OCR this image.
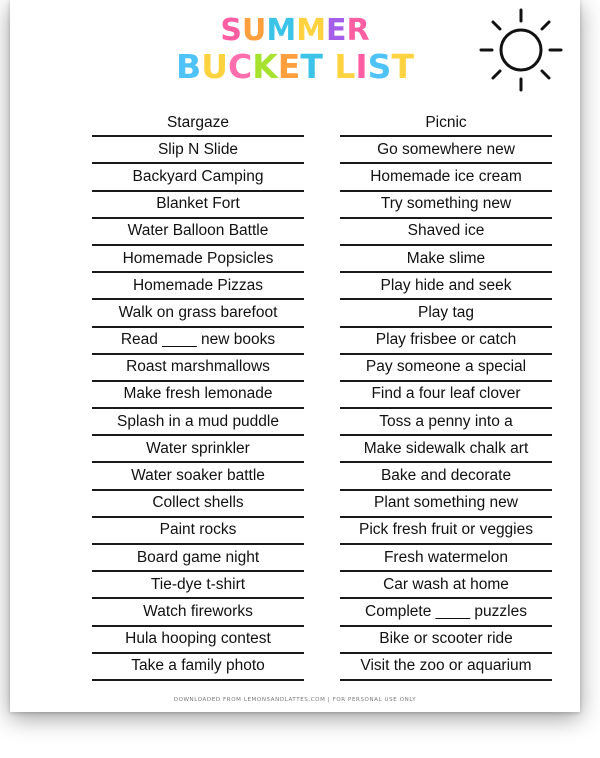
SUMMER
BUCKET LIST
Stargaze
Slip N Slide
Backyard Camping
Blanket Fort
Water Balloon Battle
Homemade Popsicles
Homemade Pizzas
Walk on grass barefoot
Read ____ new books
Roast marshmallows
Make fresh lemonade
Splash in a mud puddle
Water sprinkler
Water soaker battle
Collect shells
Paint rocks
Board game night
Tie-dye t-shirt
Watch fireworks
Hula hooping contest
Take a family photo
Picnic
Go somewhere new
Homemade ice cream
Try something new
Shaved ice
Make slime
Play hide and seek
Play tag
Play frisbee or catch
Pay someone a special
Find a four leaf clover
Toss a penny into a
Make sidewalk chalk art
Bake and decorate
Plant something new
Pick fresh fruit or veggies
Fresh watermelon
Car wash at home
Complete ____ puzzles
Bike or scooter ride
Visit the zoo or aquarium
DOWNLOADED FROM LEMONSANDLATTES.COM | FOR PERSONAL USE ONLY
